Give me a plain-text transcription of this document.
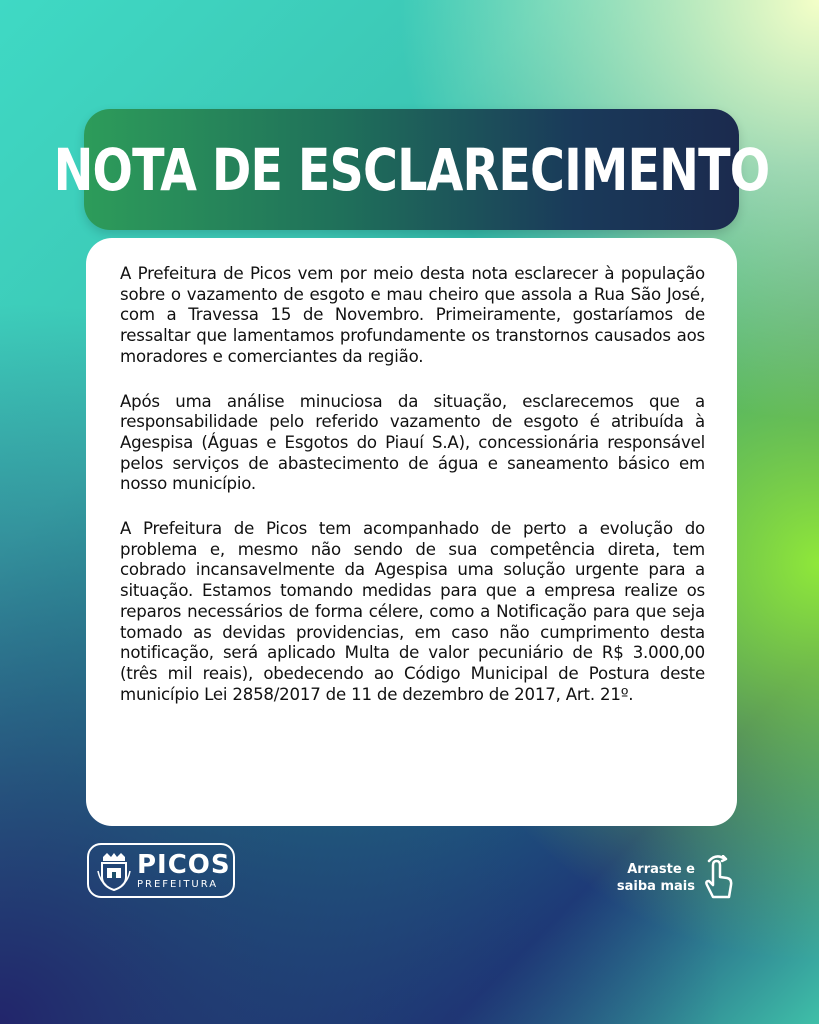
NOTA DE ESCLARECIMENTO

A Prefeitura de Picos vem por meio desta nota esclarecer à população sobre o vazamento de esgoto e mau cheiro que assola a Rua São José, com a Travessa 15 de Novembro. Primeiramente, gostaríamos de ressaltar que lamentamos profundamente os transtornos causados aos moradores e comerciantes da região.

Após uma análise minuciosa da situação, esclarecemos que a responsabilidade pelo referido vazamento de esgoto é atribuída à Agespisa (Águas e Esgotos do Piauí S.A), concessionária responsável pelos serviços de abastecimento de água e saneamento básico em nosso município.

A Prefeitura de Picos tem acompanhado de perto a evolução do problema e, mesmo não sendo de sua competência direta, tem cobrado incansavelmente da Agespisa uma solução urgente para a situação. Estamos tomando medidas para que a empresa realize os reparos necessários de forma célere, como a Notificação para que seja tomado as devidas providencias, em caso não cumprimento desta notificação, será aplicado Multa de valor pecuniário de R$ 3.000,00 (três mil reais), obedecendo ao Código Municipal de Postura deste município Lei 2858/2017 de 11 de dezembro de 2017, Art. 21º.

PICOS
PREFEITURA
Arraste e
saiba mais
